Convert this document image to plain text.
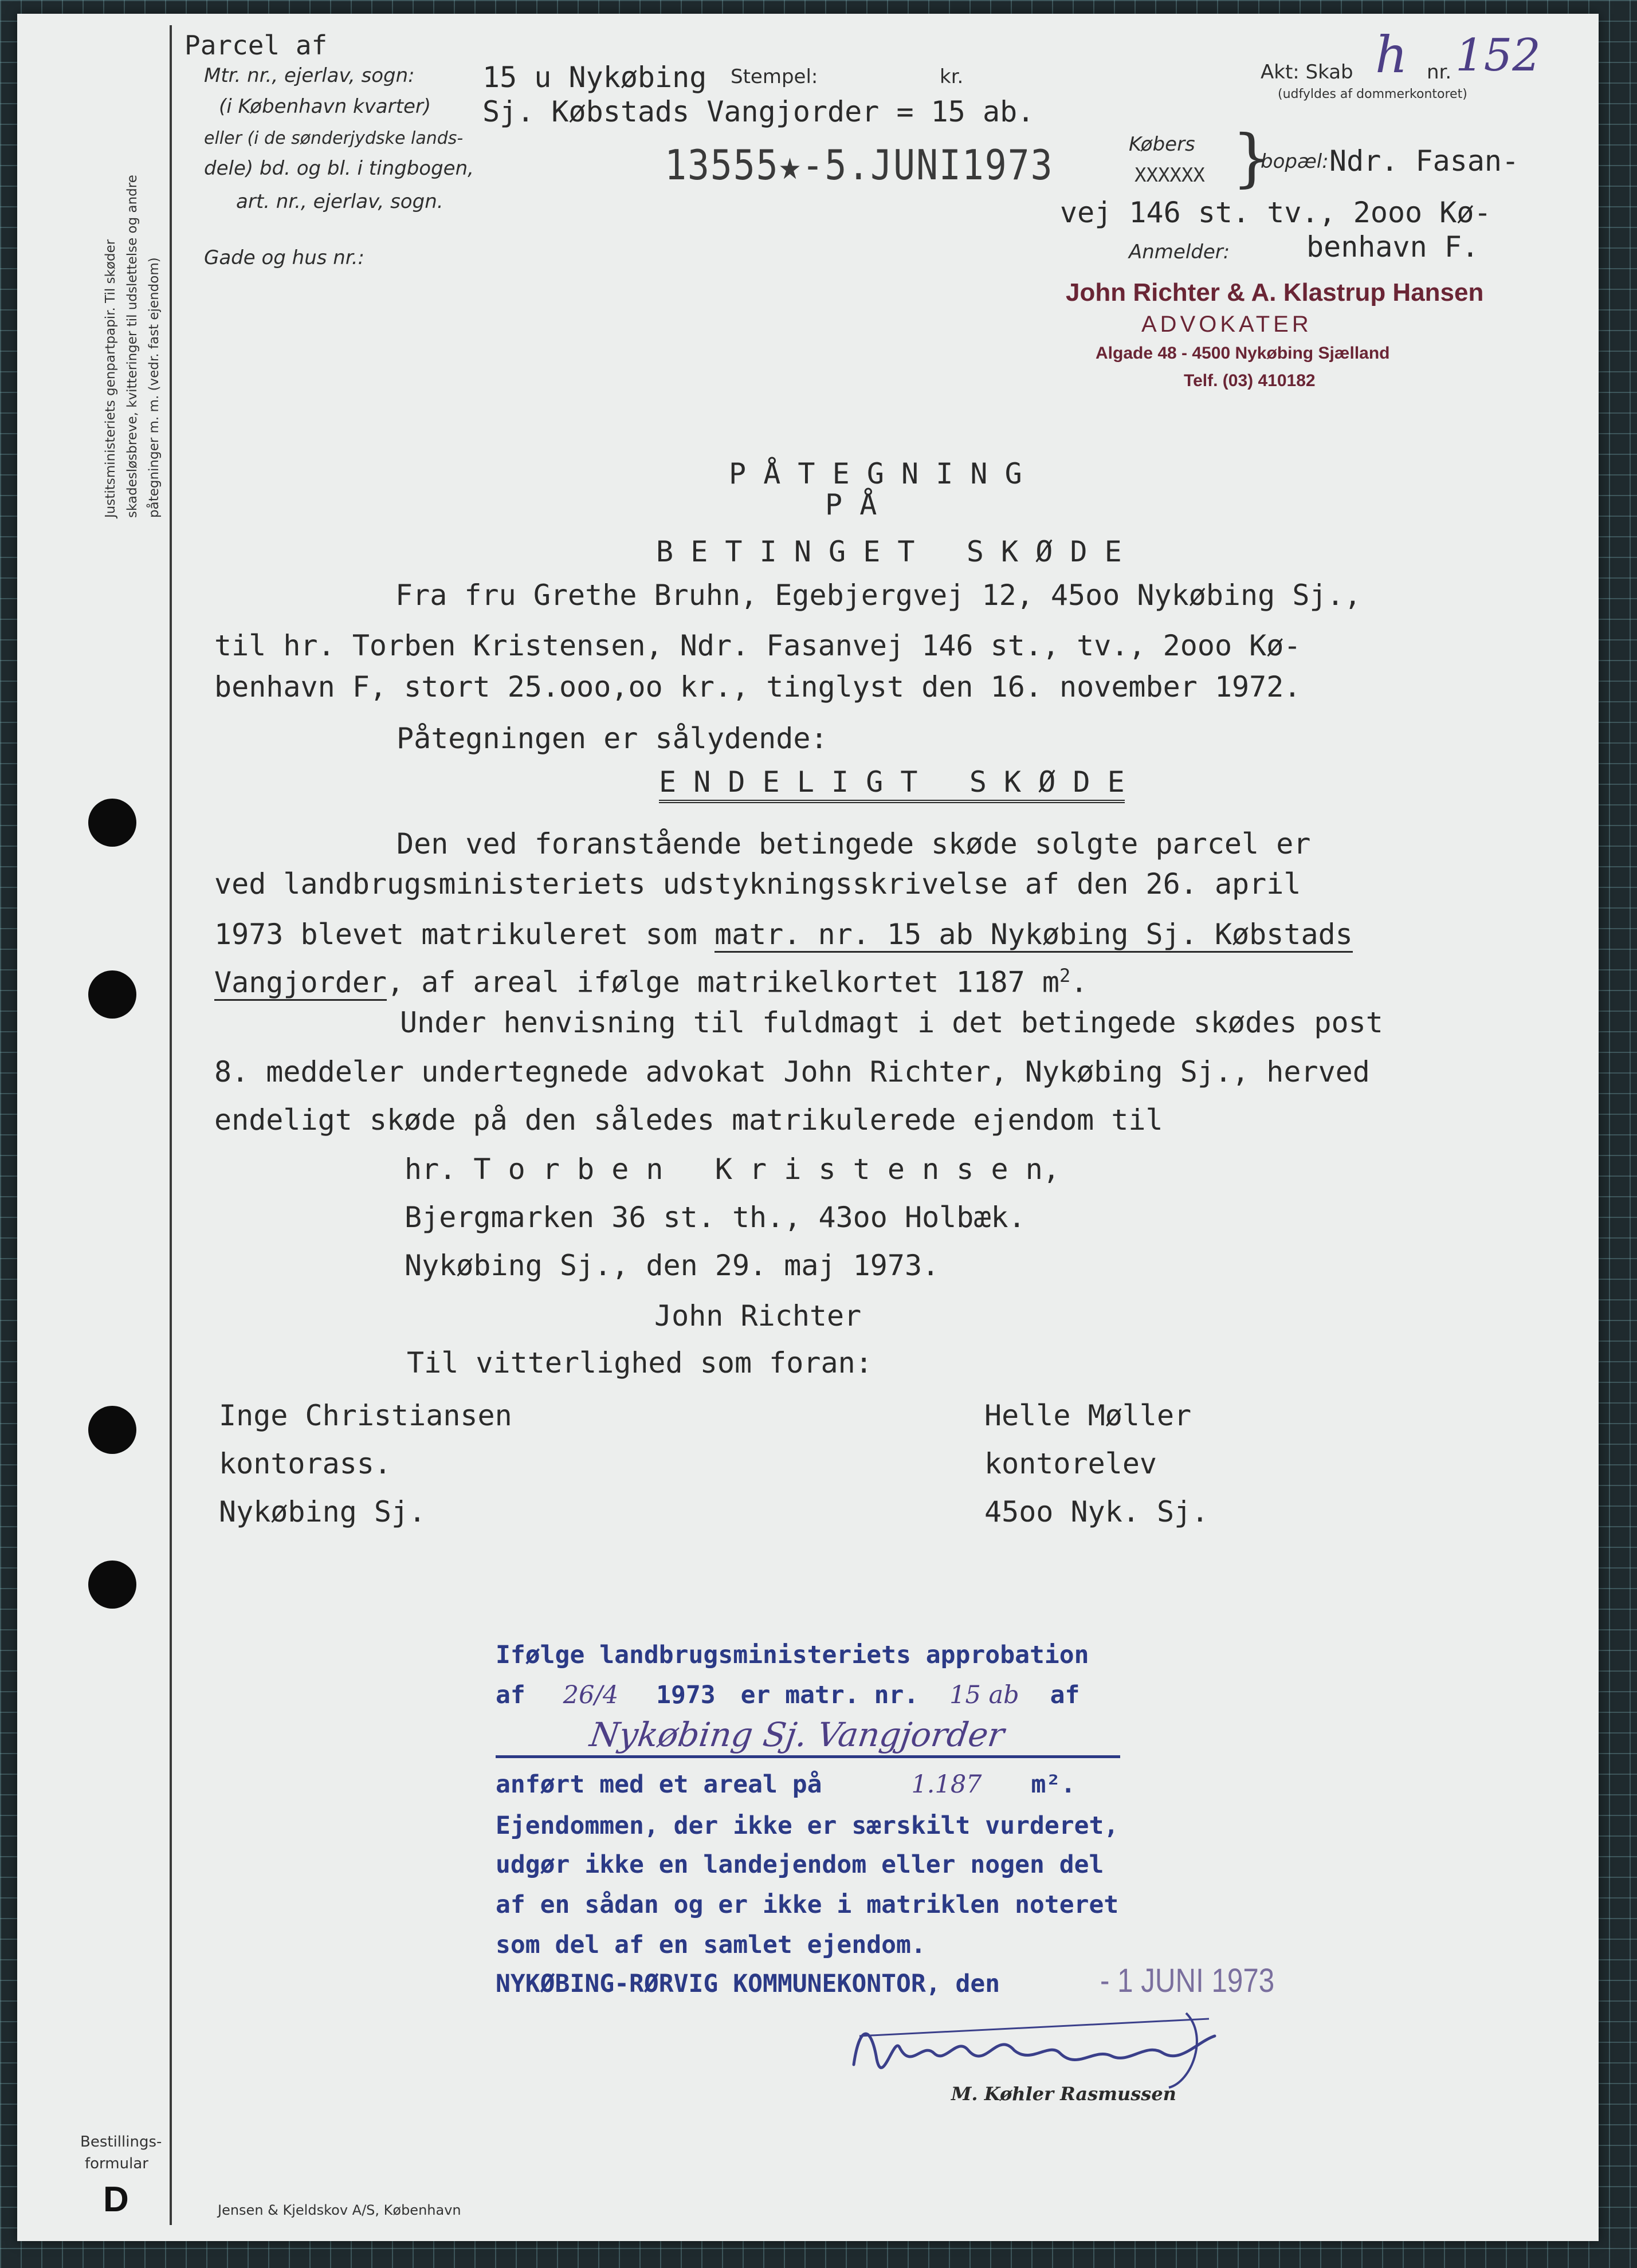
Justitsministeriets genpartpapir. Til skøder skadesløsbreve, kvitteringer til udslettelse og andre påtegninger m. m. (vedr. fast ejendom)
Parcel af
Mtr. nr., ejerlav, sogn:
(i København kvarter)
eller (i de sønderjydske lands-
dele) bd. og bl. i tingbogen,
art. nr., ejerlav, sogn.
Gade og hus nr.:
15 u Nykøbing Stempel:	kr.
Sj. Købstads Vangjorder = 15 ab.
Akt: Skab h nr. 152
(udfyldes af dommerkontoret)
13555★-5.JUNI1973	Købers
XXXXXX }
bopæl: Ndr. Fasan-
vej 146 st. tv., 2ooo Kø-
Anmelder:	benhavn F.
John Richter & A. Klastrup Hansen
ADVOKATER
Algade 48 - 4500 Nykøbing Sjælland
Telf. (03) 410182
P Å T E G N I N G
P Å
B E T I N G E T   S K Ø D E
Fra fru Grethe Bruhn, Egebjergvej 12, 45oo Nykøbing Sj.,
til hr. Torben Kristensen, Ndr. Fasanvej 146 st., tv., 2ooo Kø-
benhavn F, stort 25.ooo,oo kr., tinglyst den 16. november 1972.
Påtegningen er sålydende:
E N D E L I G T   S K Ø D E
Den ved foranstående betingede skøde solgte parcel er
ved landbrugsministeriets udstykningsskrivelse af den 26. april
1973 blevet matrikuleret som matr. nr. 15 ab Nykøbing Sj. Købstads
Vangjorder, af areal ifølge matrikelkortet 1187 $m^2$.
Under henvisning til fuldmagt i det betingede skødes post
8. meddeler undertegnede advokat John Richter, Nykøbing Sj., herved
endeligt skøde på den således matrikulerede ejendom til
hr. T o r b e n   K r i s t e n s e n,
Bjergmarken 36 st. th., 43oo Holbæk.
Nykøbing Sj., den 29. maj 1973.
John Richter
Til vitterlighed som foran:
Inge Christiansen
kontorass.
Nykøbing Sj.
Helle Møller
kontorelev
45oo Nyk. Sj.
Ifølge landbrugsministeriets approbation
af 26/4 1973 er matr. nr. 15 ab af
Nykøbing Sj. Vangjorder
anført med et areal på	1.187 m².
Ejendommen, der ikke er særskilt vurderet,
udgør ikke en landejendom eller nogen del
af en sådan og er ikke i matriklen noteret
som del af en samlet ejendom.
NYKØBING-RØRVIG KOMMUNEKONTOR, den	- 1 JUNI 1973
M. Køhler Rasmussen
Bestillings-
formular
D	Jensen & Kjeldskov A/S, København
